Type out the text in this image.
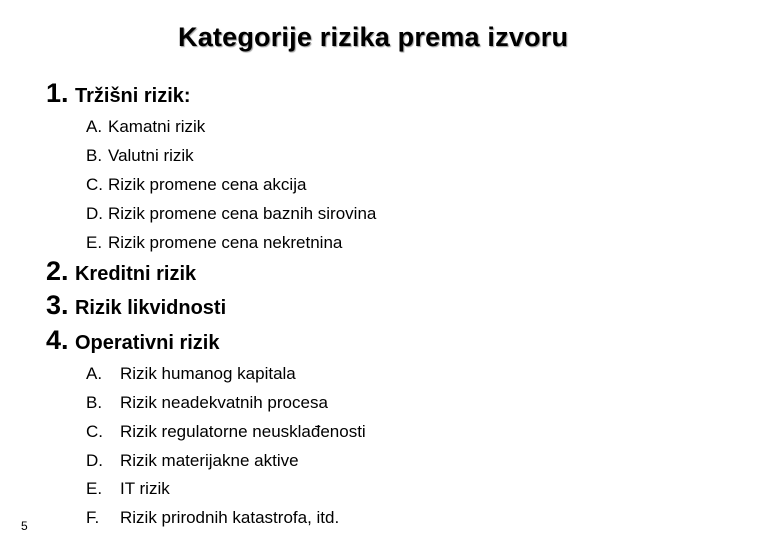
Kategorije rizika prema izvoru
1. Tržišni rizik:
A. Kamatni rizik
B. Valutni rizik
C. Rizik promene cena akcija
D. Rizik promene cena baznih sirovina
E. Rizik promene cena nekretnina
2. Kreditni rizik
3. Rizik likvidnosti
4. Operativni rizik
A. Rizik humanog kapitala
B. Rizik neadekvatnih procesa
C. Rizik regulatorne neusklađenosti
D. Rizik materijakne aktive
E. IT rizik
F. Rizik prirodnih katastrofa, itd.
5
